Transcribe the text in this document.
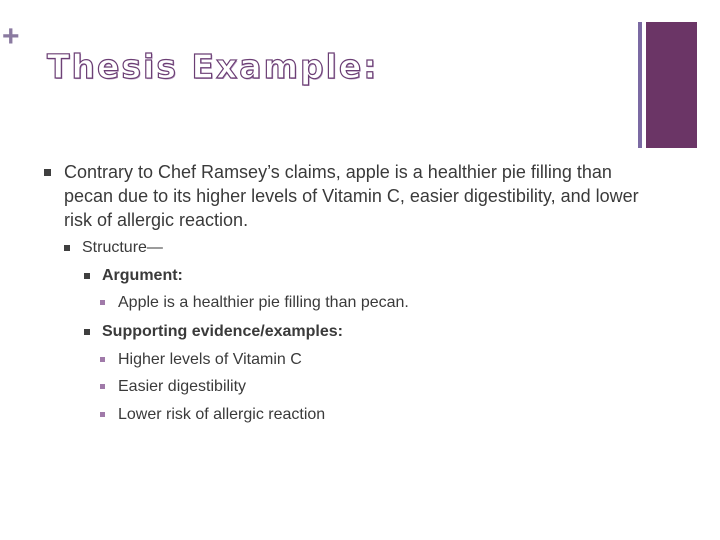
+
Thesis Example:
Contrary to Chef Ramsey’s claims, apple is a healthier pie filling than pecan due to its higher levels of Vitamin C, easier digestibility, and lower risk of allergic reaction.
Structure—
Argument:
Apple is a healthier pie filling than pecan.
Supporting evidence/examples:
Higher levels of Vitamin C
Easier digestibility
Lower risk of allergic reaction
